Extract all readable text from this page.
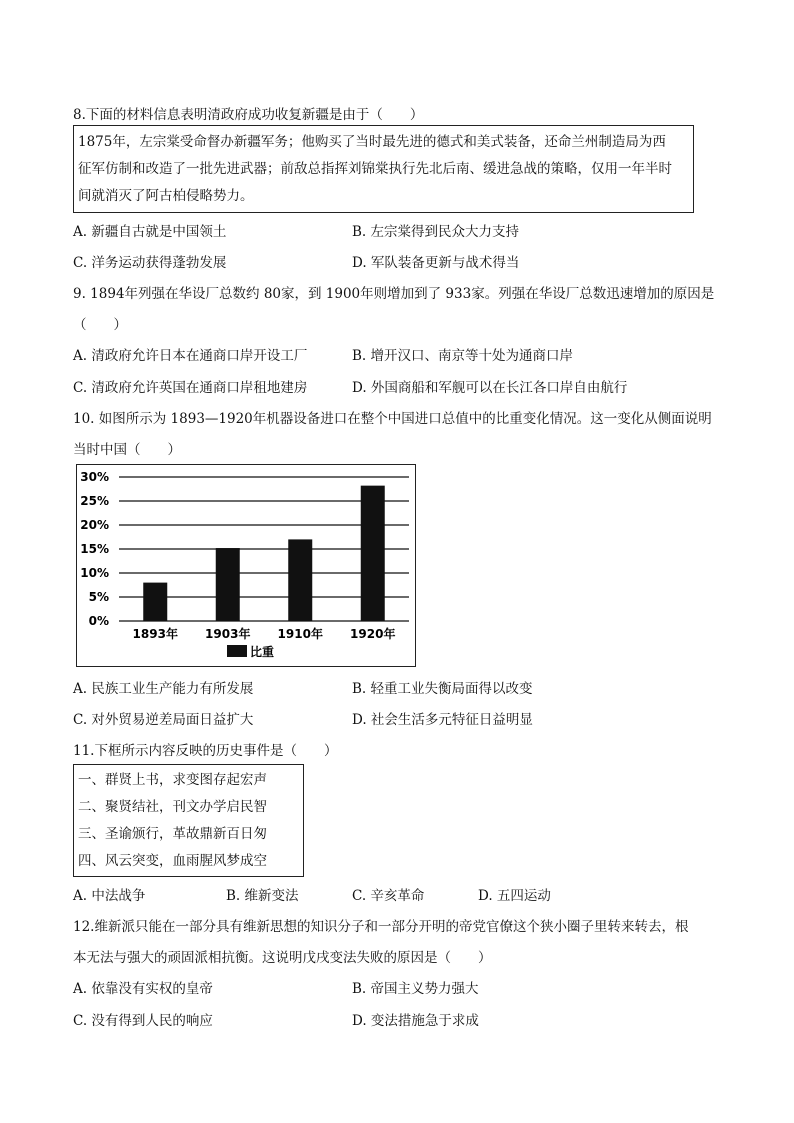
8.下面的材料信息表明清政府成功收复新疆是由于（　　）
1875年，左宗棠受命督办新疆军务；他购买了当时最先进的德式和美式装备，还命兰州制造局为西
征军仿制和改造了一批先进武器；前敌总指挥刘锦棠执行先北后南、缓进急战的策略，仅用一年半时
间就消灭了阿古柏侵略势力。
A. 新疆自古就是中国领土	B. 左宗棠得到民众大力支持
C. 洋务运动获得蓬勃发展	D. 军队装备更新与战术得当
9. 1894年列强在华设厂总数约 80家，到 1900年则增加到了 933家。列强在华设厂总数迅速增加的原因是
（　　）
A. 清政府允许日本在通商口岸开设工厂	B. 增开汉口、南京等十处为通商口岸
C. 清政府允许英国在通商口岸租地建房	D. 外国商船和军舰可以在长江各口岸自由航行
10. 如图所示为 1893—1920年机器设备进口在整个中国进口总值中的比重变化情况。这一变化从侧面说明
当时中国（　　）
0%
5%
10%
15%
20%
25%
30%
1893年 1903年 1910年 1920年
比重
A. 民族工业生产能力有所发展	B. 轻重工业失衡局面得以改变
C. 对外贸易逆差局面日益扩大	D. 社会生活多元特征日益明显
11.下框所示内容反映的历史事件是（　　）
一、群贤上书，求变图存起宏声
二、聚贤结社，刊文办学启民智
三、圣谕颁行，革故鼎新百日匆
四、风云突变，血雨腥风梦成空
A. 中法战争	B. 维新变法	C. 辛亥革命	D. 五四运动
12.维新派只能在一部分具有维新思想的知识分子和一部分开明的帝党官僚这个狭小圈子里转来转去，根
本无法与强大的顽固派相抗衡。这说明戊戌变法失败的原因是（　　）
A. 依靠没有实权的皇帝	B. 帝国主义势力强大
C. 没有得到人民的响应	D. 变法措施急于求成
